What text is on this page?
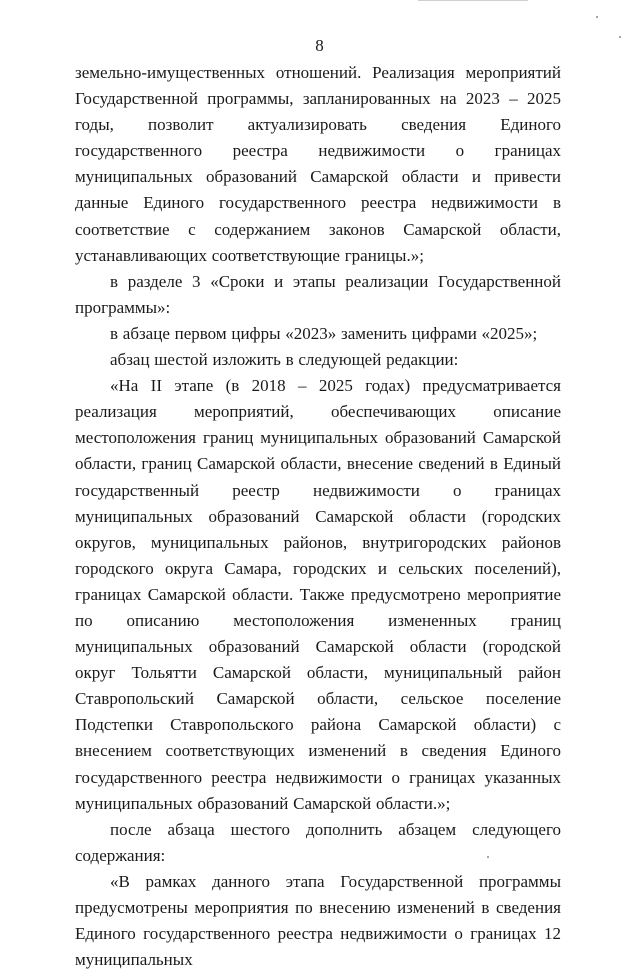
8

земельно-имущественных отношений. Реализация мероприятий Государственной программы, запланированных на 2023 – 2025 годы, позволит актуализировать сведения Единого государственного реестра недвижимости о границах муниципальных образований Самарской области и привести данные Единого государственного реестра недвижимости в соответствие с содержанием законов Самарской области, устанавливающих соответствующие границы.»;

в разделе 3 «Сроки и этапы реализации Государственной программы»:

в абзаце первом цифры «2023» заменить цифрами «2025»;

абзац шестой изложить в следующей редакции:

«На II этапе (в 2018 – 2025 годах) предусматривается реализация мероприятий, обеспечивающих описание местоположения границ муниципальных образований Самарской области, границ Самарской области, внесение сведений в Единый государственный реестр недвижимости о границах муниципальных образований Самарской области (городских округов, муниципальных районов, внутригородских районов городского округа Самара, городских и сельских поселений), границах Самарской области. Также предусмотрено мероприятие по описанию местоположения измененных границ муниципальных образований Самарской области (городской округ Тольятти Самарской области, муниципальный район Ставропольский Самарской области, сельское поселение Подстепки Ставропольского района Самарской области) с внесением соответствующих изменений в сведения Единого государственного реестра недвижимости о границах указанных муниципальных образований Самарской области.»;

после абзаца шестого дополнить абзацем следующего содержания:

«В рамках данного этапа Государственной программы предусмотрены мероприятия по внесению изменений в сведения Единого государственного реестра недвижимости о границах 12 муниципальных
